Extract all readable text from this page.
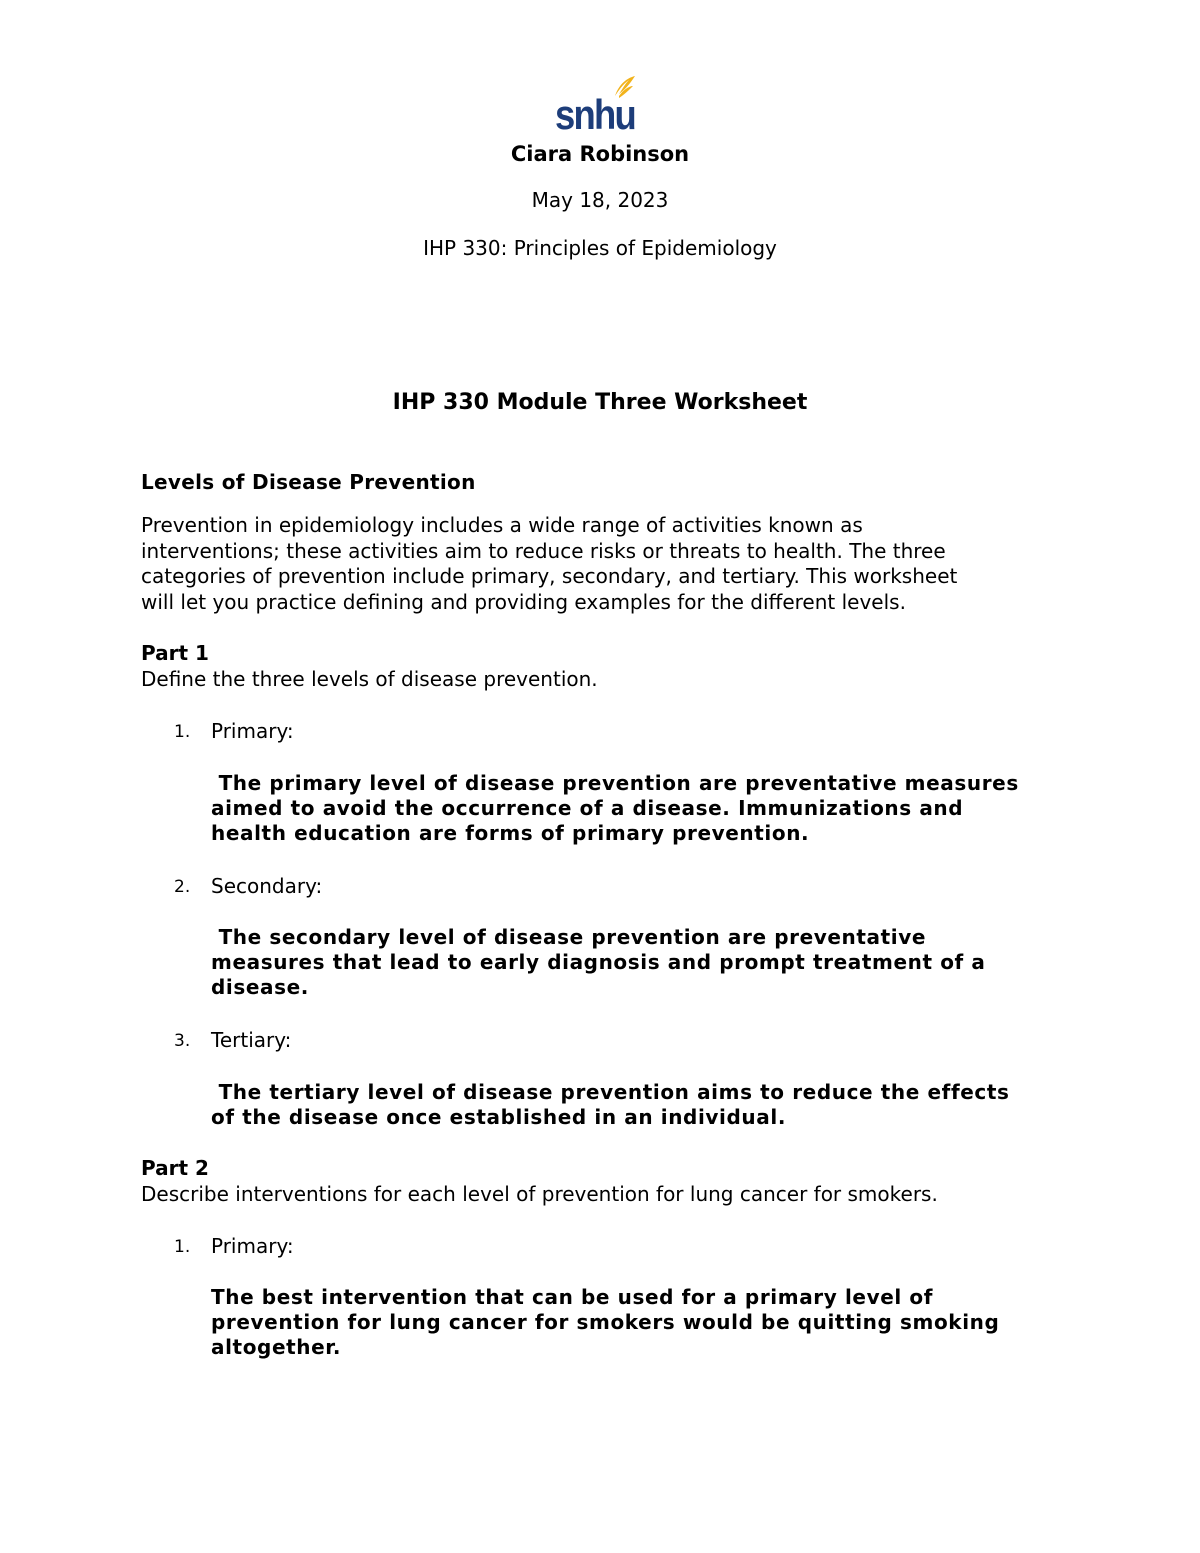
snhu
Ciara Robinson
May 18, 2023
IHP 330: Principles of Epidemiology
IHP 330 Module Three Worksheet
Levels of Disease Prevention
Prevention in epidemiology includes a wide range of activities known as
interventions; these activities aim to reduce risks or threats to health. The three
categories of prevention include primary, secondary, and tertiary. This worksheet
will let you practice defining and providing examples for the different levels.
Part 1
Define the three levels of disease prevention.
1. Primary:
The primary level of disease prevention are preventative measures
aimed to avoid the occurrence of a disease. Immunizations and
health education are forms of primary prevention.
2. Secondary:
The secondary level of disease prevention are preventative
measures that lead to early diagnosis and prompt treatment of a
disease.
3. Tertiary:
The tertiary level of disease prevention aims to reduce the effects
of the disease once established in an individual.
Part 2
Describe interventions for each level of prevention for lung cancer for smokers.
1. Primary:
The best intervention that can be used for a primary level of
prevention for lung cancer for smokers would be quitting smoking
altogether.
